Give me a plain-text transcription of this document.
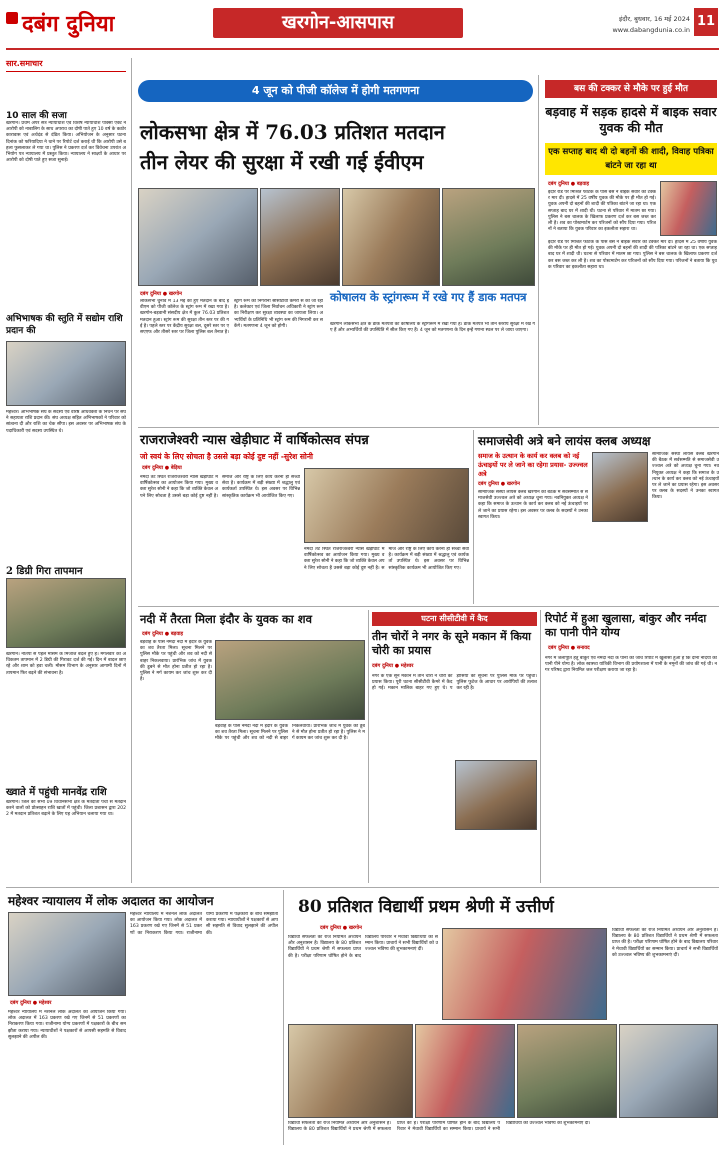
दबंग दुनिया	खरगोन-आसपास	इंदौर, बुधवार, 16 मई 2024
www.dabangdunia.co.in
11
सार.समाचार
10 साल की सजा
खरगोन। प्रथम अपर सत्र न्यायाधीश एवं विशेष न्यायाधीश पॉक्सो एक्ट ने आरोपी को नाबालिग के साथ अपराध का दोषी पाते हुए 10 वर्ष के कठोर कारावास एवं अर्थदंड से दंडित किया। अभियोजन के अनुसार घटना दिनांक को फरियादिया ने थाने पर रिपोर्ट दर्ज कराई थी कि आरोपी उसे बहला फुसलाकर ले गया था। पुलिस ने प्रकरण दर्ज कर विवेचना उपरांत अभियोग पत्र न्यायालय में प्रस्तुत किया। न्यायालय ने साक्ष्यों के आधार पर आरोपी को दोषी पाते हुए सजा सुनाई।
अभिभाषक की स्तुति में सद्योम राशि प्रदान की
महेश्वर। अभिभाषक संघ के सदस्य एवं वरिष्ठ अधिवक्ता के निधन पर संघ ने सहायता राशि प्रदान की। संघ अध्यक्ष सहित अभिभाषकों ने परिवार को सांत्वना दी और राशि का चेक सौंपा। इस अवसर पर अभिभाषक संघ के पदाधिकारी एवं सदस्य उपस्थित थे।
2 डिग्री गिरा तापमान
खरगोन। नौतपा से पहले मौसम के मिजाज बदले हुए हैं। मंगलवार को अधिकतम तापमान में 2 डिग्री की गिरावट दर्ज की गई। दिन में बादल छाए रहे और शाम को हवा चली। मौसम विभाग के अनुसार आगामी दिनों में तापमान फिर बढ़ने की संभावना है।
ख्वाते में पहुंची मानवेंद्र राशि
खरगोन। जिले की सभी 09 विधानसभा क्षेत्र के मतदाता पर्ची से मतदान करने वालों को प्रोत्साहन राशि खातों में पहुंची। जिला प्रशासन द्वारा 2022 में मतदान प्रतिशत बढ़ाने के लिए यह अभियान चलाया गया था।
4 जून को पीजी कॉलेज में होगी मतगणना
लोकसभा क्षेत्र में 76.03 प्रतिशत मतदान
तीन लेयर की सुरक्षा में रखी गई ईवीएम
दबंग दुनिया ● खरगोन
लोकसभा चुनाव में 13 मई को हुए मतदान के बाद इवीएम को पीजी कॉलेज के स्ट्रांग रूम में रखा गया है। खरगोन-बड़वानी संसदीय क्षेत्र में कुल 76.03 प्रतिशत मतदान हुआ। स्ट्रांग रूम की सुरक्षा तीन स्तर पर की गई है। पहले स्तर पर केंद्रीय सुरक्षा बल, दूसरे स्तर पर एसएएफ और तीसरे स्तर पर जिला पुलिस बल तैनात है। स्ट्रांग रूम की निगरानी सीसीटीवी कैमरों से की जा रही है। कलेक्टर एवं जिला निर्वाचन अधिकारी ने स्ट्रांग रूम का निरीक्षण कर सुरक्षा व्यवस्था का जायजा लिया। अभ्यर्थियों के प्रतिनिधि भी स्ट्रांग रूम की निगरानी कर सकेंगे। मतगणना 4 जून को होगी।
कोषालय के स्ट्रांगरूम में रखे गए हैं डाक मतपत्र
खरगोन लोकसभा क्षेत्र के डाक मतपत्रों को कोषालय के स्ट्रांगरूम में रखा गया है। डाक मतपत्र भी तीन स्तरीय सुरक्षा में रखे गए हैं और अभ्यर्थियों की उपस्थिति में सील किए गए हैं। 4 जून को मतगणना के दिन इन्हें गणना स्थल पर ले जाया जाएगा।
बस की टक्कर से मौके पर हुई मौत
बड़वाह में सड़क हादसे में बाइक सवार युवक की मौत
एक सप्ताह बाद थी दो बहनों की शादी, विवाह पत्रिका बांटने जा रहा था
दबंग दुनिया ● बड़वाह
इंदौर रोड पर मिश्रित फाटक के पास बस ने बाइक सवार को टक्कर मार दी। हादसे में 25 वर्षीय युवक की मौके पर ही मौत हो गई। युवक अपनी दो बहनों की शादी की पत्रिका बांटने जा रहा था। एक सप्ताह बाद घर में शादी थी। घटना से परिवार में मातम छा गया। पुलिस ने बस चालक के खिलाफ प्रकरण दर्ज कर बस जब्त कर ली है। शव का पोस्टमार्टम कर परिजनों को सौंप दिया गया। परिजनों ने बताया कि युवक परिवार का इकलौता सहारा था।
इंदौर रोड पर मिश्रित फाटक के पास बस ने बाइक सवार को टक्कर मार दी। हादसे में 25 वर्षीय युवक की मौके पर ही मौत हो गई। युवक अपनी दो बहनों की शादी की पत्रिका बांटने जा रहा था। एक सप्ताह बाद घर में शादी थी। घटना से परिवार में मातम छा गया। पुलिस ने बस चालक के खिलाफ प्रकरण दर्ज कर बस जब्त कर ली है। शव का पोस्टमार्टम कर परिजनों को सौंप दिया गया। परिजनों ने बताया कि युवक परिवार का इकलौता सहारा था।
राजराजेश्वरी न्यास खेड़ीघाट में वार्षिकोत्सव संपन्न
जो स्वयं के लिए सोचता है उससे बड़ा कोई दुष्ट नहीं -सुरेश सोनी
दबंग दुनिया ● बेड़िया
नर्मदा तट स्थित राजराजेश्वरी न्यास खेड़ीघाट में वार्षिकोत्सव का आयोजन किया गया। मुख्य वक्ता सुरेश सोनी ने कहा कि जो व्यक्ति केवल अपने लिए सोचता है उससे बड़ा कोई दुष्ट नहीं है। समाज और राष्ट्र के लिए कार्य करना ही सच्ची सेवा है। कार्यक्रम में बड़ी संख्या में श्रद्धालु एवं कार्यकर्ता उपस्थित थे। इस अवसर पर विभिन्न सांस्कृतिक कार्यक्रम भी आयोजित किए गए।
नर्मदा तट स्थित राजराजेश्वरी न्यास खेड़ीघाट में वार्षिकोत्सव का आयोजन किया गया। मुख्य वक्ता सुरेश सोनी ने कहा कि जो व्यक्ति केवल अपने लिए सोचता है उससे बड़ा कोई दुष्ट नहीं है। समाज और राष्ट्र के लिए कार्य करना ही सच्ची सेवा है। कार्यक्रम में बड़ी संख्या में श्रद्धालु एवं कार्यकर्ता उपस्थित थे। इस अवसर पर विभिन्न सांस्कृतिक कार्यक्रम भी आयोजित किए गए।
समाजसेवी अत्रे बने लायंस क्लब अध्यक्ष
समाज के उत्थान के कार्य कर क्लब को नई ऊंचाइयों पर ले जाने का रहेगा प्रयास- उज्ज्वल अत्रे
दबंग दुनिया ● खरगोन
सामाजिक संस्था लायंस क्लब खरगोन की बैठक में सर्वसम्मति से समाजसेवी उज्ज्वल अत्रे को अध्यक्ष चुना गया। नवनियुक्त अध्यक्ष ने कहा कि समाज के उत्थान के कार्य कर क्लब को नई ऊंचाइयों पर ले जाने का प्रयास रहेगा। इस अवसर पर क्लब के सदस्यों ने उनका स्वागत किया।
सामाजिक संस्था लायंस क्लब खरगोन की बैठक में सर्वसम्मति से समाजसेवी उज्ज्वल अत्रे को अध्यक्ष चुना गया। नवनियुक्त अध्यक्ष ने कहा कि समाज के उत्थान के कार्य कर क्लब को नई ऊंचाइयों पर ले जाने का प्रयास रहेगा। इस अवसर पर क्लब के सदस्यों ने उनका स्वागत किया।
नदी में तैरता मिला इंदौर के युवक का शव
दबंग दुनिया ● बड़वाह
बड़वाह के पास नर्मदा नदी में इंदौर के युवक का शव तैरता मिला। सूचना मिलने पर पुलिस मौके पर पहुंची और शव को नदी से बाहर निकलवाया। प्रारंभिक जांच में युवक की डूबने से मौत होना प्रतीत हो रहा है। पुलिस ने मर्ग कायम कर जांच शुरू कर दी है।
बड़वाह के पास नर्मदा नदी में इंदौर के युवक का शव तैरता मिला। सूचना मिलने पर पुलिस मौके पर पहुंची और शव को नदी से बाहर निकलवाया। प्रारंभिक जांच में युवक की डूबने से मौत होना प्रतीत हो रहा है। पुलिस ने मर्ग कायम कर जांच शुरू कर दी है।
घटना सीसीटीवी में कैद
तीन चोरों ने नगर के सूने मकान में किया चोरी का प्रयास
दबंग दुनिया ● महेश्वर
नगर के एक सूने मकान में तीन चोरों ने चोरी का प्रयास किया। पूरी घटना सीसीटीवी कैमरे में कैद हो गई। मकान मालिक बाहर गए हुए थे। पड़ोसियों की सूचना पर पुलिस मौके पर पहुंची। पुलिस फुटेज के आधार पर आरोपियों की तलाश कर रही है।
रिपोर्ट में हुआ खुलासा, बांकुर और नर्मदा का पानी पीने योग्य
दबंग दुनिया ● सनावद
नगर में जलापूर्ति हेतु बांकुर एवं नर्मदा नदी के पानी की जांच रिपोर्ट में खुलासा हुआ है कि दोनों नदियों का पानी पीने योग्य है। लोक स्वास्थ्य यांत्रिकी विभाग की प्रयोगशाला में पानी के नमूनों की जांच की गई थी। नगर परिषद द्वारा नियमित जल परीक्षण कराया जा रहा है।
महेश्वर न्यायालय में लोक अदालत का आयोजन
दबंग दुनिया ● महेश्वर
महेश्वर न्यायालय में नेशनल लोक अदालत का आयोजन किया गया। लोक अदालत में 163 प्रकरण रखे गए जिनमें से 51 प्रकरणों का निराकरण किया गया। राजीनामा योग्य प्रकरणों में पक्षकारों के बीच समझौता कराया गया। न्यायाधीशों ने पक्षकारों से आपसी सहमति से विवाद सुलझाने की अपील की।
महेश्वर न्यायालय में नेशनल लोक अदालत का आयोजन किया गया। लोक अदालत में 163 प्रकरण रखे गए जिनमें से 51 प्रकरणों का निराकरण किया गया। राजीनामा योग्य प्रकरणों में पक्षकारों के बीच समझौता कराया गया। न्यायाधीशों ने पक्षकारों से आपसी सहमति से विवाद सुलझाने की अपील की।
80 प्रतिशत विद्यार्थी प्रथम श्रेणी में उत्तीर्ण
दबंग दुनिया ● खरगोन
विद्यार्थी सफलता का राज नियमित अध्ययन और अनुशासन है। विद्यालय के 80 प्रतिशत विद्यार्थियों ने प्रथम श्रेणी में सफलता प्राप्त की है। परीक्षा परिणाम घोषित होने के बाद विद्यालय परिवार ने मेधावी विद्यार्थियों का सम्मान किया। प्राचार्य ने सभी विद्यार्थियों को उज्ज्वल भविष्य की शुभकामनाएं दीं।
विद्यार्थी सफलता का राज नियमित अध्ययन और अनुशासन है। विद्यालय के 80 प्रतिशत विद्यार्थियों ने प्रथम श्रेणी में सफलता प्राप्त की है। परीक्षा परिणाम घोषित होने के बाद विद्यालय परिवार ने मेधावी विद्यार्थियों का सम्मान किया। प्राचार्य ने सभी विद्यार्थियों को उज्ज्वल भविष्य की शुभकामनाएं दीं।
विद्यार्थी सफलता का राज नियमित अध्ययन और अनुशासन है। विद्यालय के 80 प्रतिशत विद्यार्थियों ने प्रथम श्रेणी में सफलता प्राप्त की है। परीक्षा परिणाम घोषित होने के बाद विद्यालय परिवार ने मेधावी विद्यार्थियों का सम्मान किया। प्राचार्य ने सभी विद्यार्थियों को उज्ज्वल भविष्य की शुभकामनाएं दीं।
